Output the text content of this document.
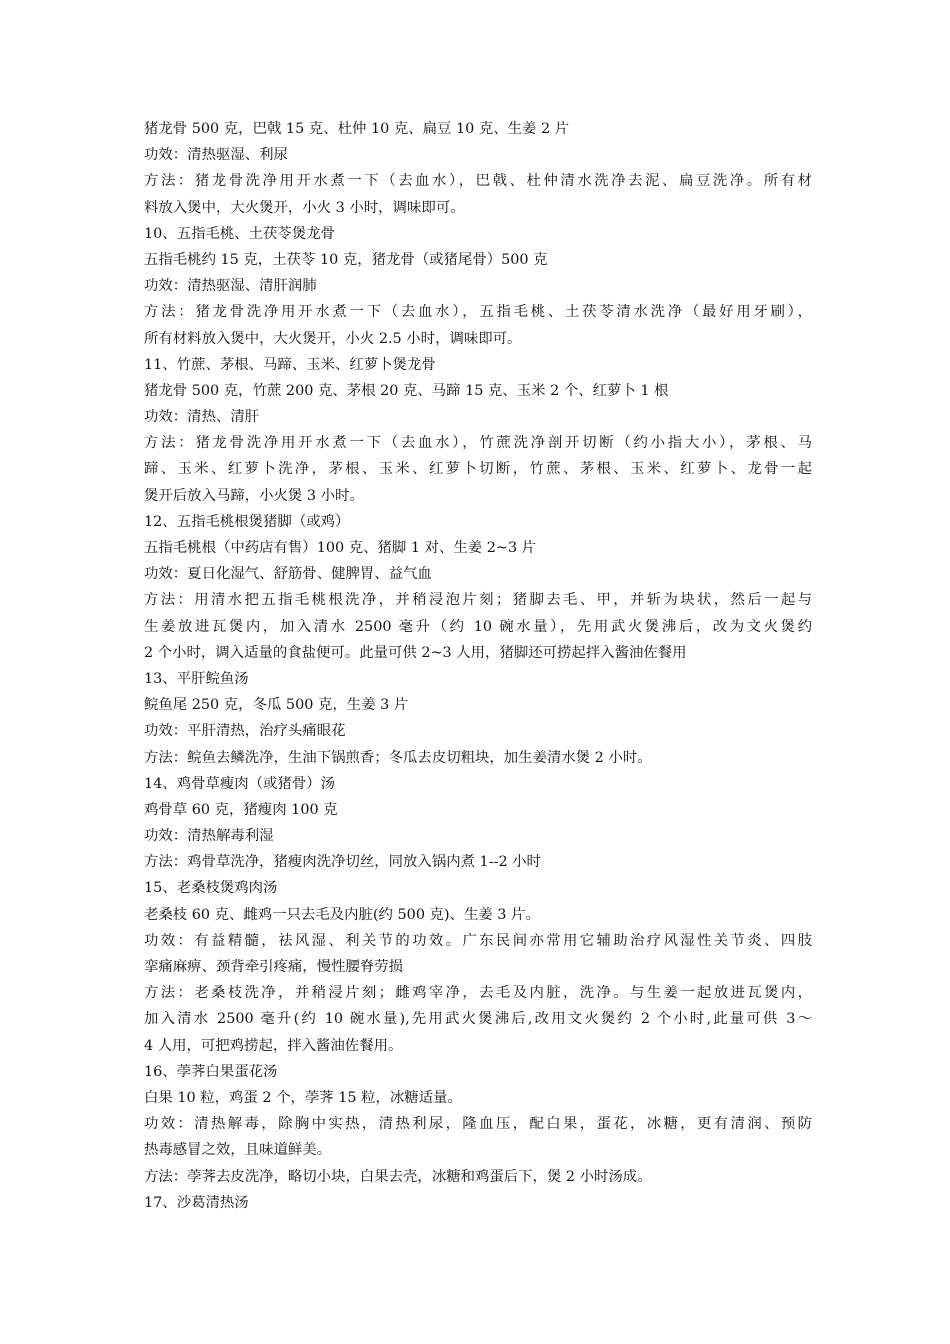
猪龙骨 500 克，巴戟 15 克、杜仲 10 克、扁豆 10 克、生姜 2 片
功效：清热驱湿、利尿
方法：猪龙骨洗净用开水煮一下（去血水），巴戟、杜仲清水洗净去泥、扁豆洗净。所有材
料放入煲中，大火煲开，小火 3 小时，调味即可。
10、五指毛桃、土茯苓煲龙骨
五指毛桃约 15 克，土茯苓 10 克，猪龙骨（或猪尾骨）500 克
功效：清热驱湿、清肝润肺
方法：猪龙骨洗净用开水煮一下（去血水），五指毛桃、土茯苓清水洗净（最好用牙刷），
所有材料放入煲中，大火煲开，小火 2.5 小时，调味即可。
11、竹蔗、茅根、马蹄、玉米、红萝卜煲龙骨
猪龙骨 500 克，竹蔗 200 克、茅根 20 克、马蹄 15 克、玉米 2 个、红萝卜 1 根
功效：清热、清肝
方法：猪龙骨洗净用开水煮一下（去血水），竹蔗洗净剖开切断（约小指大小），茅根、马
蹄、玉米、红萝卜洗净，茅根、玉米、红萝卜切断，竹蔗、茅根、玉米、红萝卜、龙骨一起
煲开后放入马蹄，小火煲 3 小时。
12、五指毛桃根煲猪脚（或鸡）
五指毛桃根（中药店有售）100 克、猪脚 1 对、生姜 2~3 片
功效：夏日化湿气、舒筋骨、健脾胃、益气血
方法：用清水把五指毛桃根洗净，并稍浸泡片刻；猪脚去毛、甲，并斩为块状，然后一起与
生姜放进瓦煲内，加入清水 2500 毫升（约 10 碗水量），先用武火煲沸后，改为文火煲约
2 个小时，调入适量的食盐便可。此量可供 2~3 人用，猪脚还可捞起拌入酱油佐餐用
13、平肝鲩鱼汤
鲩鱼尾 250 克，冬瓜 500 克，生姜 3 片
功效：平肝清热，治疗头痛眼花
方法：鲩鱼去鳞洗净，生油下锅煎香；冬瓜去皮切粗块，加生姜清水煲 2 小时。
14、鸡骨草瘦肉（或猪骨）汤
鸡骨草 60 克，猪瘦肉 100 克
功效：清热解毒利湿
方法：鸡骨草洗净，猪瘦肉洗净切丝，同放入锅内煮 1--2 小时
15、老桑枝煲鸡肉汤
老桑枝 60 克、雌鸡一只去毛及内脏(约 500 克)、生姜 3 片。
功效：有益精髓，祛风湿、利关节的功效。广东民间亦常用它辅助治疗风湿性关节炎、四肢
挛痛麻痹、颈背牵引疼痛，慢性腰脊劳损
方法：老桑枝洗净，并稍浸片刻；雌鸡宰净，去毛及内脏，洗净。与生姜一起放进瓦煲内，
加入清水 2500 毫升(约 10 碗水量),先用武火煲沸后,改用文火煲约 2 个小时,此量可供 3～
4 人用，可把鸡捞起，拌入酱油佐餐用。
16、荸荠白果蛋花汤
白果 10 粒，鸡蛋 2 个，荸荠 15 粒，冰糖适量。
功效：清热解毒，除胸中实热，清热利尿，隆血压，配白果，蛋花，冰糖，更有清润、预防
热毒感冒之效，且味道鲜美。
方法：荸荠去皮洗净，略切小块，白果去壳，冰糖和鸡蛋后下，煲 2 小时汤成。
17、沙葛清热汤
